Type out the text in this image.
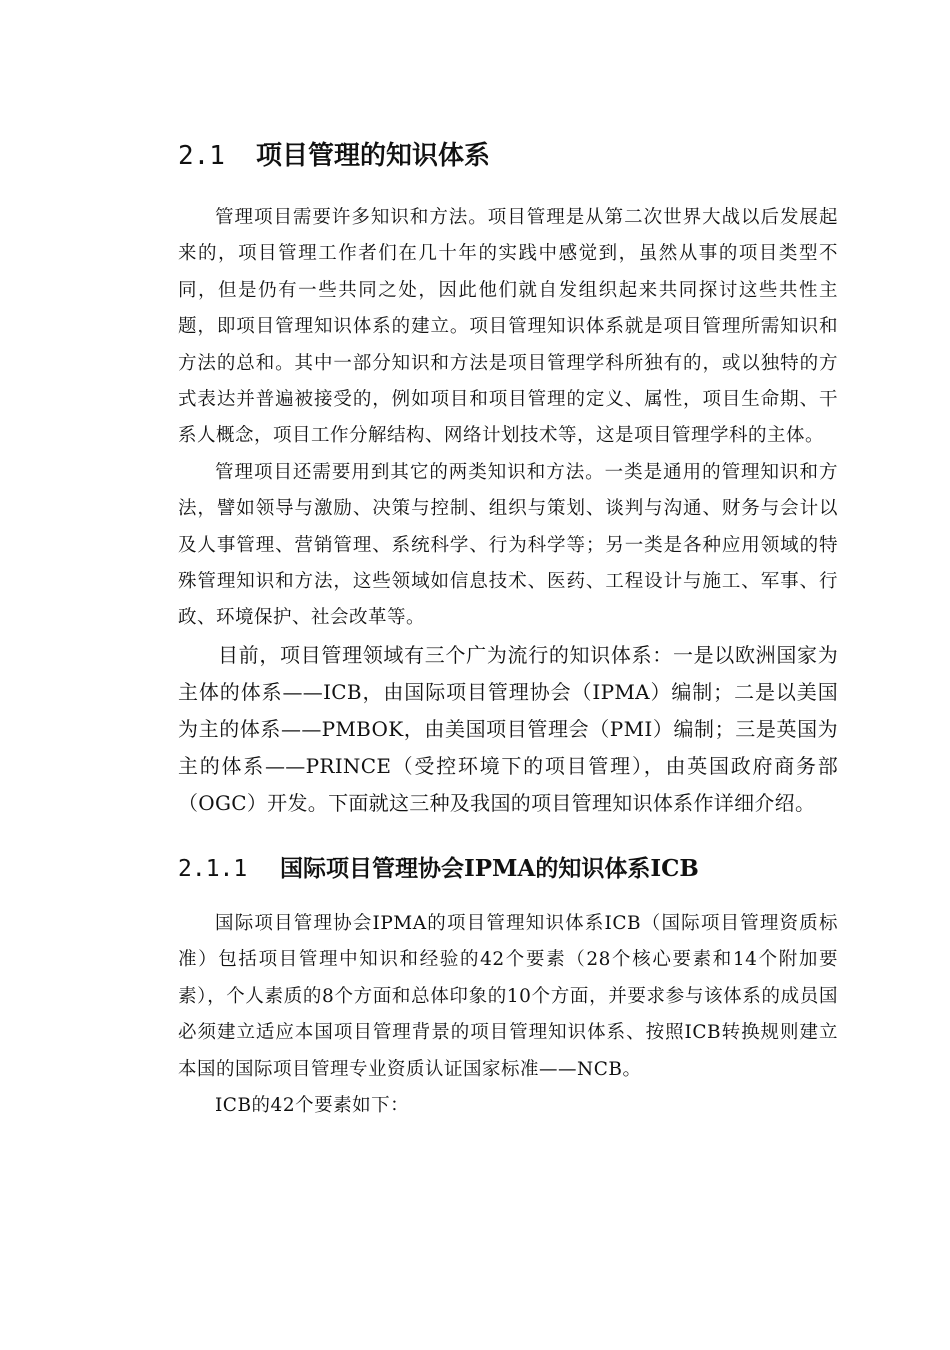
2.1 项目管理的知识体系

管理项目需要许多知识和方法。项目管理是从第二次世界大战以后发展起来的，项目管理工作者们在几十年的实践中感觉到，虽然从事的项目类型不同，但是仍有一些共同之处，因此他们就自发组织起来共同探讨这些共性主题，即项目管理知识体系的建立。项目管理知识体系就是项目管理所需知识和方法的总和。其中一部分知识和方法是项目管理学科所独有的，或以独特的方式表达并普遍被接受的，例如项目和项目管理的定义、属性，项目生命期、干系人概念，项目工作分解结构、网络计划技术等，这是项目管理学科的主体。

管理项目还需要用到其它的两类知识和方法。一类是通用的管理知识和方法，譬如领导与激励、决策与控制、组织与策划、谈判与沟通、财务与会计以及人事管理、营销管理、系统科学、行为科学等；另一类是各种应用领域的特殊管理知识和方法，这些领域如信息技术、医药、工程设计与施工、军事、行政、环境保护、社会改革等。

目前，项目管理领域有三个广为流行的知识体系：一是以欧洲国家为主体的体系——ICB，由国际项目管理协会（IPMA）编制；二是以美国为主的体系——PMBOK，由美国项目管理会（PMI）编制；三是英国为主的体系——PRINCE（受控环境下的项目管理），由英国政府商务部（OGC）开发。下面就这三种及我国的项目管理知识体系作详细介绍。

2.1.1 国际项目管理协会IPMA的知识体系ICB

国际项目管理协会IPMA的项目管理知识体系ICB（国际项目管理资质标准）包括项目管理中知识和经验的42个要素（28个核心要素和14个附加要素），个人素质的8个方面和总体印象的10个方面，并要求参与该体系的成员国必须建立适应本国项目管理背景的项目管理知识体系、按照ICB转换规则建立本国的国际项目管理专业资质认证国家标准——NCB。

ICB的42个要素如下：
